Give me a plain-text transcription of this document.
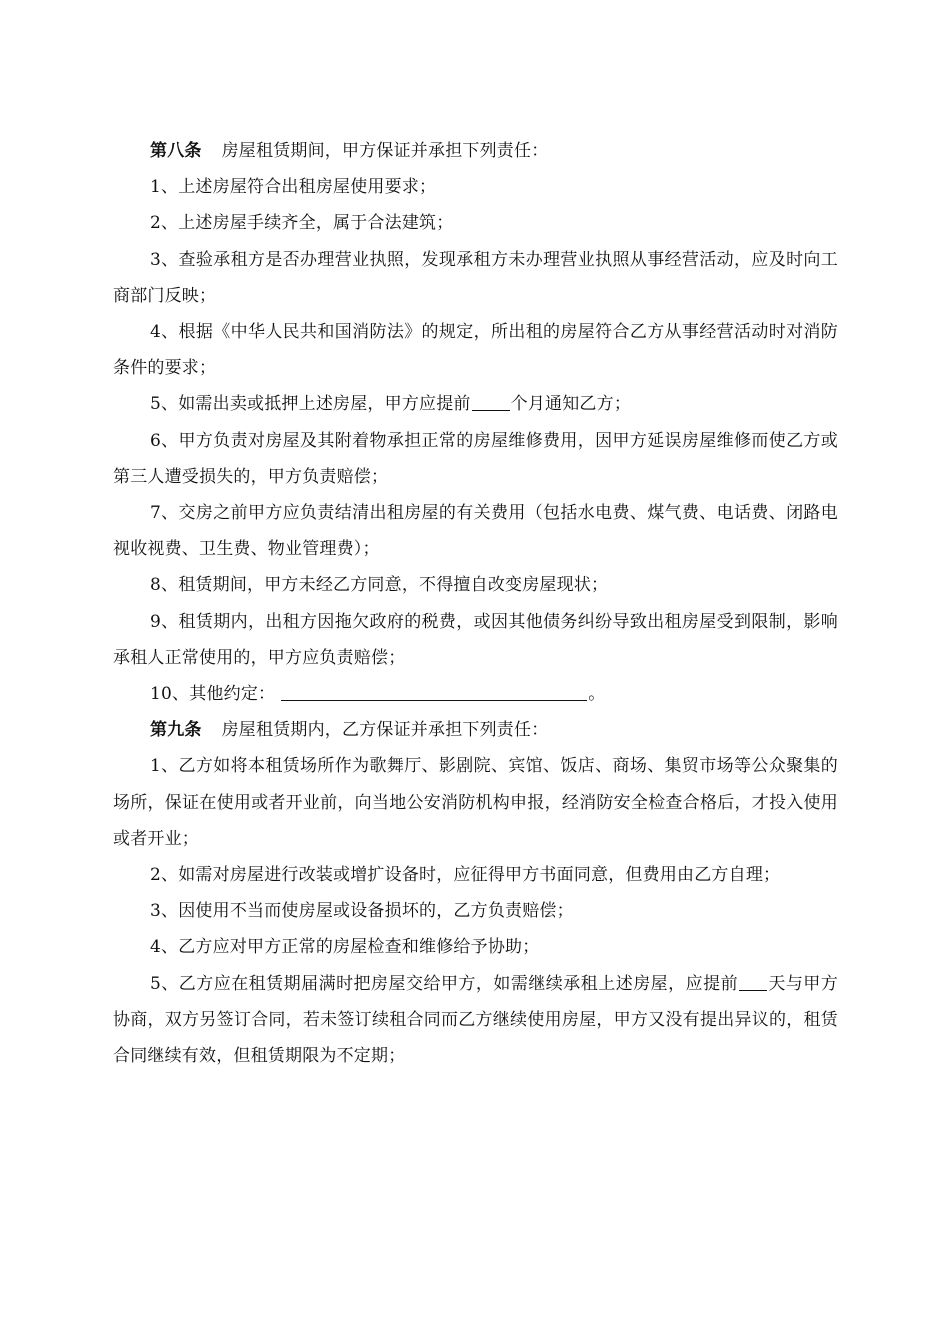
第八条 房屋租赁期间，甲方保证并承担下列责任：

1、上述房屋符合出租房屋使用要求；

2、上述房屋手续齐全，属于合法建筑；

3、查验承租方是否办理营业执照，发现承租方未办理营业执照从事经营活动，应及时向工商部门反映；

4、根据《中华人民共和国消防法》的规定，所出租的房屋符合乙方从事经营活动时对消防条件的要求；

5、如需出卖或抵押上述房屋，甲方应提前 个月通知乙方；

6、甲方负责对房屋及其附着物承担正常的房屋维修费用，因甲方延误房屋维修而使乙方或第三人遭受损失的，甲方负责赔偿；

7、交房之前甲方应负责结清出租房屋的有关费用（包括水电费、煤气费、电话费、闭路电视收视费、卫生费、物业管理费）；

8、租赁期间，甲方未经乙方同意，不得擅自改变房屋现状；

9、租赁期内，出租方因拖欠政府的税费，或因其他债务纠纷导致出租房屋受到限制，影响承租人正常使用的，甲方应负责赔偿；

10、其他约定：	。

第九条 房屋租赁期内，乙方保证并承担下列责任：

1、乙方如将本租赁场所作为歌舞厅、影剧院、宾馆、饭店、商场、集贸市场等公众聚集的场所，保证在使用或者开业前，向当地公安消防机构申报，经消防安全检查合格后，才投入使用或者开业；

2、如需对房屋进行改装或增扩设备时，应征得甲方书面同意，但费用由乙方自理；

3、因使用不当而使房屋或设备损坏的，乙方负责赔偿；

4、乙方应对甲方正常的房屋检查和维修给予协助；

5、乙方应在租赁期届满时把房屋交给甲方，如需继续承租上述房屋，应提前 天与甲方协商，双方另签订合同，若未签订续租合同而乙方继续使用房屋，甲方又没有提出异议的，租赁合同继续有效，但租赁期限为不定期；
